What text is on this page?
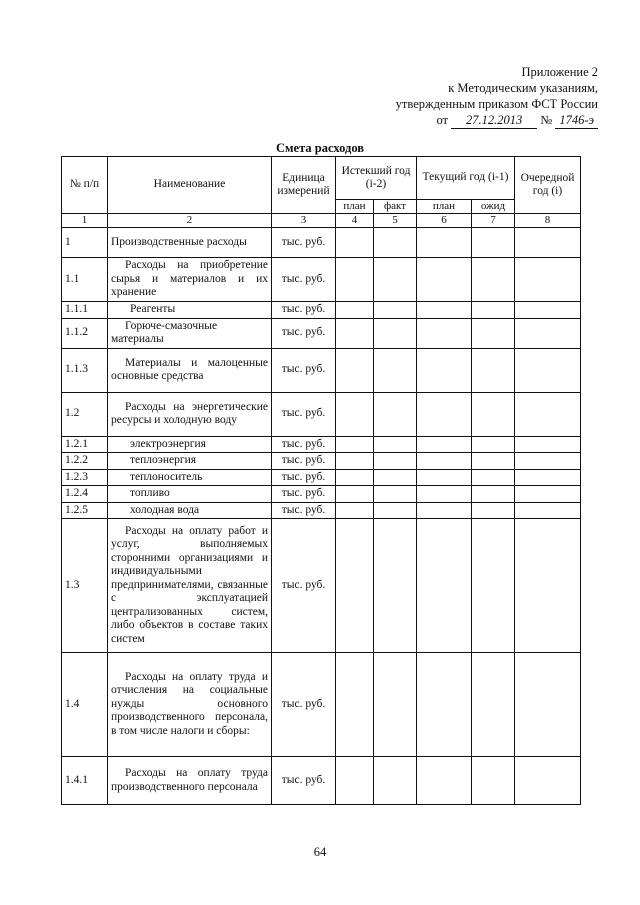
Приложение 2
к Методическим указаниям,
утвержденным приказом ФСТ России
от 27.12.2013 № 1746-э
Смета расходов
№ п/п	Наименование	Единица измерений	Истекший год (i-2)		Текущий год (i-1)		Очередной год (i)
			план	факт	план	ожид	
1	2	3	4	5	6	7	8
1	Производственные расходы	тыс. руб.					
1.1	Расходы на приобретение сырья и материалов и их хранение	тыс. руб.					
1.1.1	Реагенты	тыс. руб.					
1.1.2	Горюче-смазочные материалы	тыс. руб.					
1.1.3	Материалы и малоценные основные средства	тыс. руб.					
1.2	Расходы на энергетические ресурсы и холодную воду	тыс. руб.					
1.2.1	электроэнергия	тыс. руб.					
1.2.2	теплоэнергия	тыс. руб.					
1.2.3	теплоноситель	тыс. руб.					
1.2.4	топливо	тыс. руб.					
1.2.5	холодная вода	тыс. руб.					
1.3	Расходы на оплату работ и услуг, выполняемых сторонними организациями и индивидуальными предпринимателями, связанные с эксплуатацией централизованных систем, либо объектов в составе таких систем	тыс. руб.					
1.4	Расходы на оплату труда и отчисления на социальные нужды основного производственного персонала, в том числе налоги и сборы:	тыс. руб.					
1.4.1	Расходы на оплату труда производственного персонала	тыс. руб.					
64
